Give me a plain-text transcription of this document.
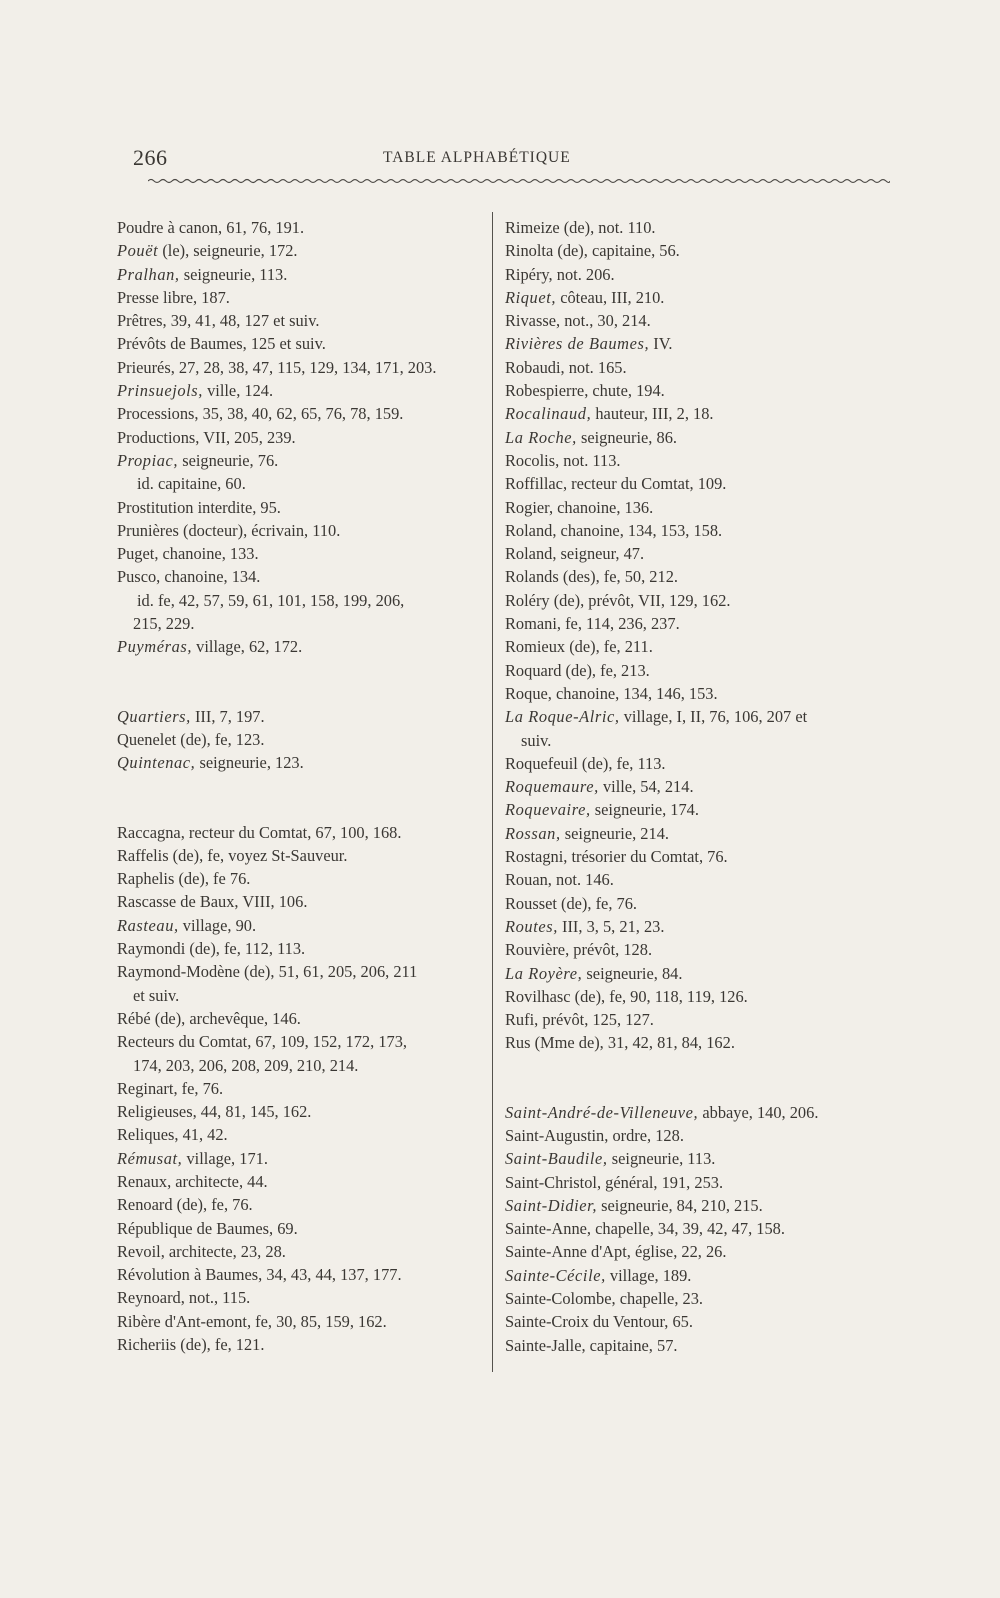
266	TABLE ALPHABÉTIQUE
Poudre à canon, 61, 76, 191.
Pouët (le), seigneurie, 172.
Pralhan, seigneurie, 113.
Presse libre, 187.
Prêtres, 39, 41, 48, 127 et suiv.
Prévôts de Baumes, 125 et suiv.
Prieurés, 27, 28, 38, 47, 115, 129, 134, 171, 203.
Prinsuejols, ville, 124.
Processions, 35, 38, 40, 62, 65, 76, 78, 159.
Productions, VII, 205, 239.
Propiac, seigneurie, 76.
id. capitaine, 60.
Prostitution interdite, 95.
Prunières (docteur), écrivain, 110.
Puget, chanoine, 133.
Pusco, chanoine, 134.
id. fe, 42, 57, 59, 61, 101, 158, 199, 206,
215, 229.
Puyméras, village, 62, 172.
Quartiers, III, 7, 197.
Quenelet (de), fe, 123.
Quintenac, seigneurie, 123.
Raccagna, recteur du Comtat, 67, 100, 168.
Raffelis (de), fe, voyez St-Sauveur.
Raphelis (de), fe 76.
Rascasse de Baux, VIII, 106.
Rasteau, village, 90.
Raymondi (de), fe, 112, 113.
Raymond-Modène (de), 51, 61, 205, 206, 211
et suiv.
Rébé (de), archevêque, 146.
Recteurs du Comtat, 67, 109, 152, 172, 173,
174, 203, 206, 208, 209, 210, 214.
Reginart, fe, 76.
Religieuses, 44, 81, 145, 162.
Reliques, 41, 42.
Rémusat, village, 171.
Renaux, architecte, 44.
Renoard (de), fe, 76.
République de Baumes, 69.
Revoil, architecte, 23, 28.
Révolution à Baumes, 34, 43, 44, 137, 177.
Reynoard, not., 115.
Ribère d'Ant-emont, fe, 30, 85, 159, 162.
Richeriis (de), fe, 121.
Rimeize (de), not. 110.
Rinolta (de), capitaine, 56.
Ripéry, not. 206.
Riquet, côteau, III, 210.
Rivasse, not., 30, 214.
Rivières de Baumes, IV.
Robaudi, not. 165.
Robespierre, chute, 194.
Rocalinaud, hauteur, III, 2, 18.
La Roche, seigneurie, 86.
Rocolis, not. 113.
Roffillac, recteur du Comtat, 109.
Rogier, chanoine, 136.
Roland, chanoine, 134, 153, 158.
Roland, seigneur, 47.
Rolands (des), fe, 50, 212.
Roléry (de), prévôt, VII, 129, 162.
Romani, fe, 114, 236, 237.
Romieux (de), fe, 211.
Roquard (de), fe, 213.
Roque, chanoine, 134, 146, 153.
La Roque-Alric, village, I, II, 76, 106, 207 et
suiv.
Roquefeuil (de), fe, 113.
Roquemaure, ville, 54, 214.
Roquevaire, seigneurie, 174.
Rossan, seigneurie, 214.
Rostagni, trésorier du Comtat, 76.
Rouan, not. 146.
Rousset (de), fe, 76.
Routes, III, 3, 5, 21, 23.
Rouvière, prévôt, 128.
La Royère, seigneurie, 84.
Rovilhasc (de), fe, 90, 118, 119, 126.
Rufi, prévôt, 125, 127.
Rus (Mme de), 31, 42, 81, 84, 162.
Saint-André-de-Villeneuve, abbaye, 140, 206.
Saint-Augustin, ordre, 128.
Saint-Baudile, seigneurie, 113.
Saint-Christol, général, 191, 253.
Saint-Didier, seigneurie, 84, 210, 215.
Sainte-Anne, chapelle, 34, 39, 42, 47, 158.
Sainte-Anne d'Apt, église, 22, 26.
Sainte-Cécile, village, 189.
Sainte-Colombe, chapelle, 23.
Sainte-Croix du Ventour, 65.
Sainte-Jalle, capitaine, 57.
